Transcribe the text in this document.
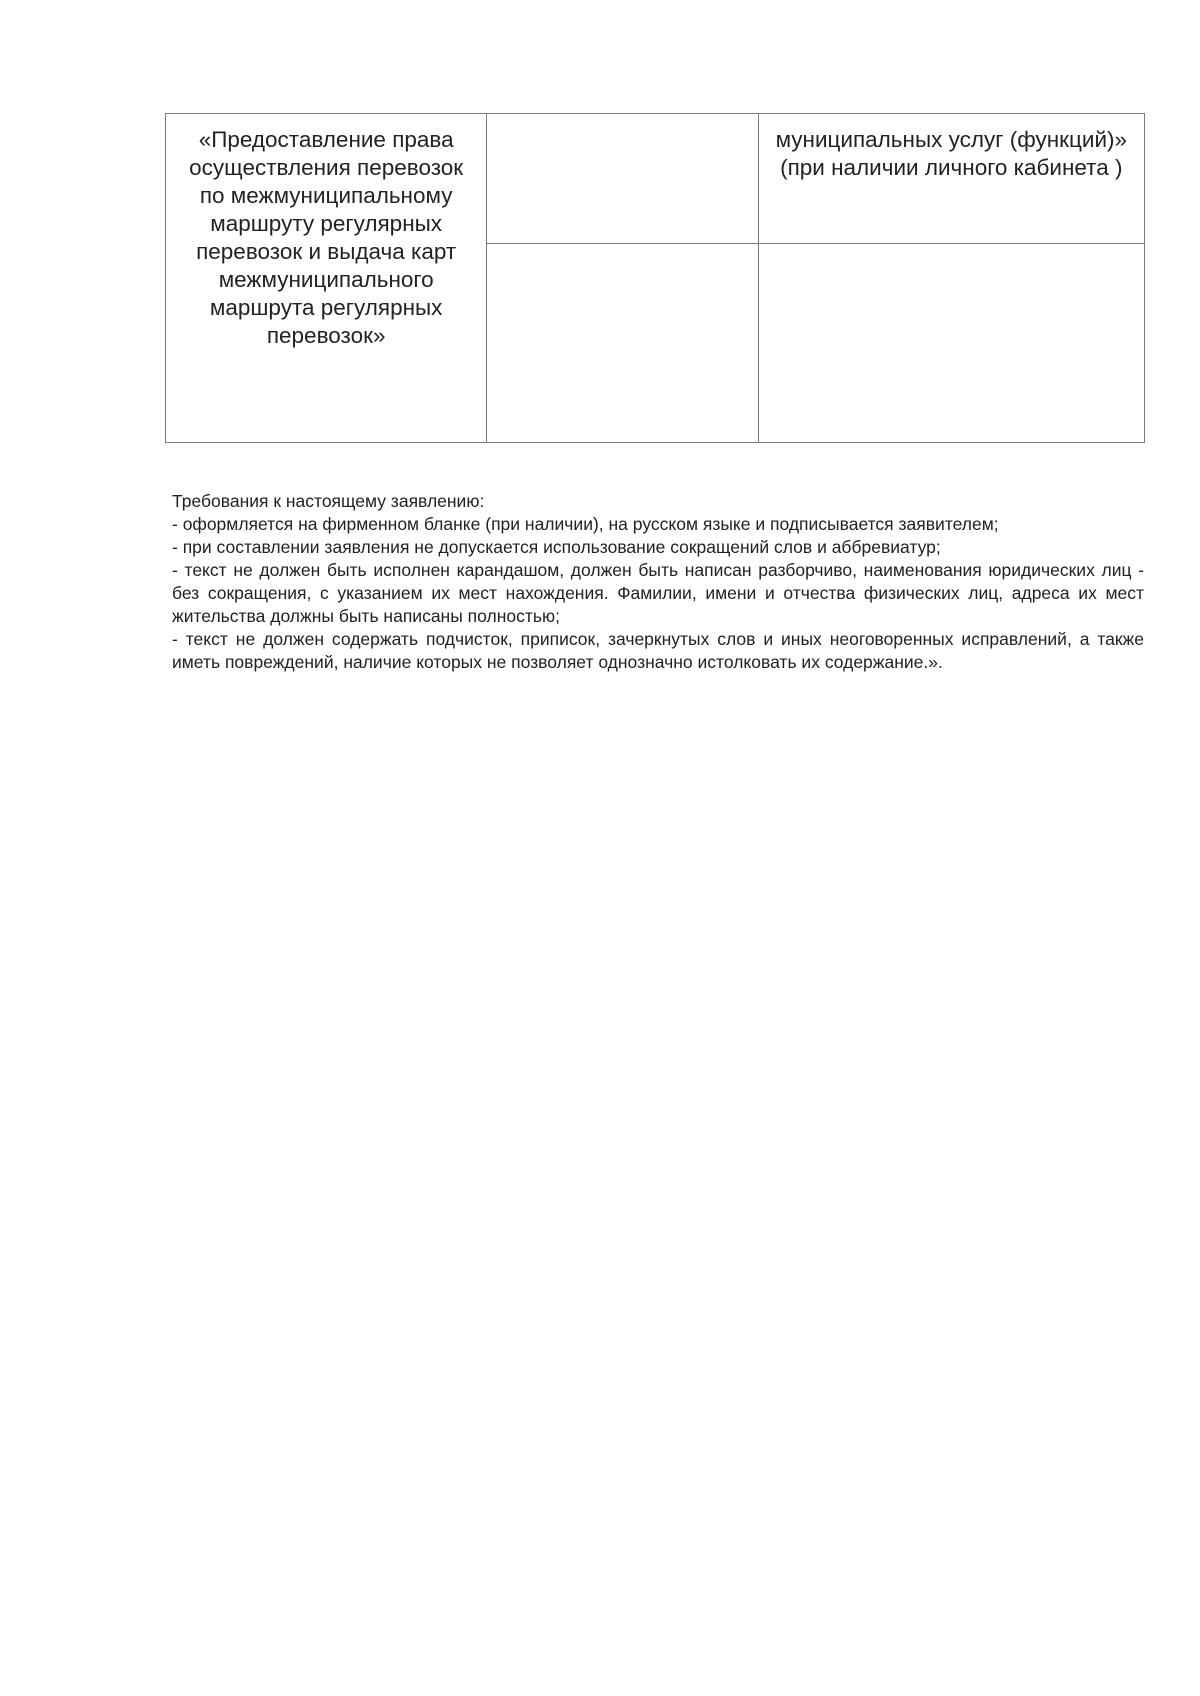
«Предоставление права осуществления перевозок по межмуниципальному маршруту регулярных перевозок и выдача карт межмуниципального маршрута регулярных перевозок»		муниципальных услуг (функций)» (при наличии личного кабинета )

Требования к настоящему заявлению:

- оформляется на фирменном бланке (при наличии), на русском языке и подписывается заявителем;

- при составлении заявления не допускается использование сокращений слов и аббревиатур;

- текст не должен быть исполнен карандашом, должен быть написан разборчиво, наименования юридических лиц - без сокращения, с указанием их мест нахождения. Фамилии, имени и отчества физических лиц, адреса их мест жительства должны быть написаны полностью;

- текст не должен содержать подчисток, приписок, зачеркнутых слов и иных неоговоренных исправлений, а также иметь повреждений, наличие которых не позволяет однозначно истолковать их содержание.».
